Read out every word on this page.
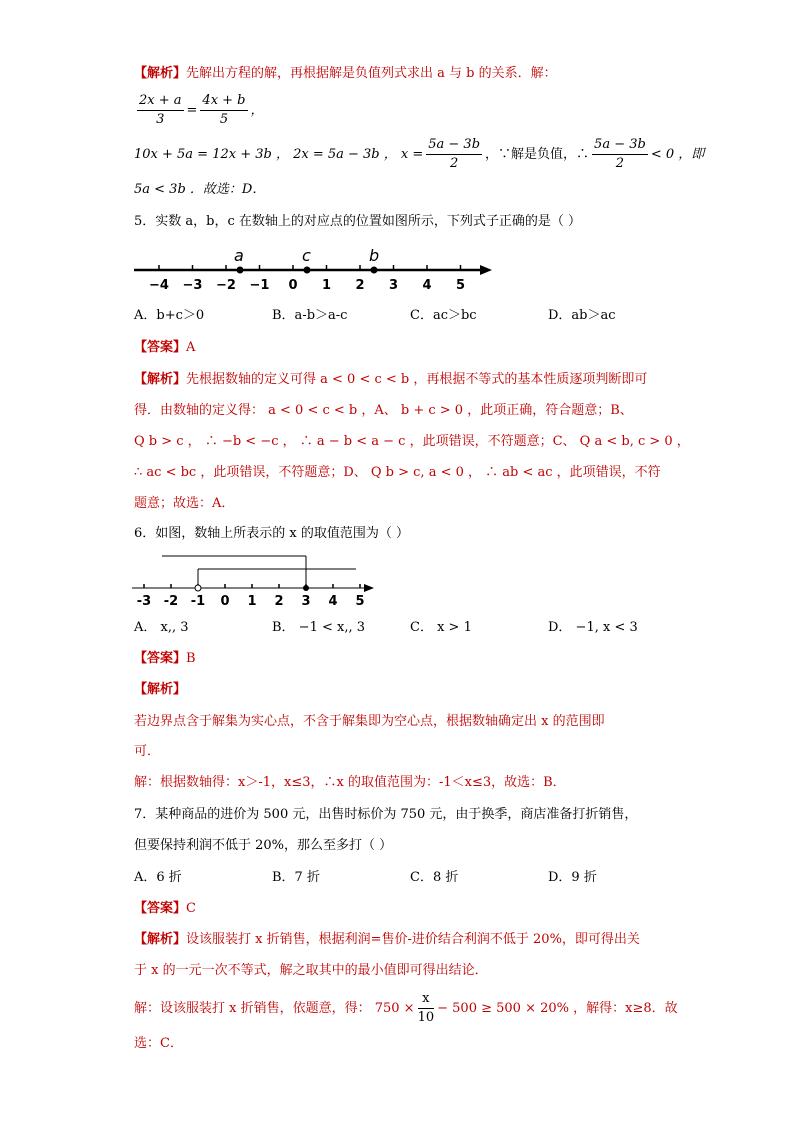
【解析】先解出方程的解，再根据解是负值列式求出 a 与 b 的关系．解：
$\frac{2x + a}{3} = \frac{4x + b}{5}$ ，
10x + 5a = 12x + 3b ， 2x = 5a − 3b ， $x = \frac{5a - 3b}{2}$ ，∵解是负值，∴ $\frac{5a - 3b}{2} < 0$ ，即
5a < 3b ．故选：D．
5．实数 a，b，c 在数轴上的对应点的位置如图所示，下列式子正确的是（ ）
−4 −3 −2 −1 0 1 2 3 4 5
a	c	b
A．b+c＞0	B．a-b＞a-c	C．ac＞bc	D．ab＞ac
【答案】A
【解析】先根据数轴的定义可得 a < 0 < c < b ，再根据不等式的基本性质逐项判断即可
得．由数轴的定义得： a < 0 < c < b ，A、 b + c > 0 ，此项正确，符合题意；B、
Q b > c ， ∴ −b < −c ， ∴ a − b < a − c ，此项错误，不符题意；C、 Q a < b, c > 0 ，
∴ ac < bc ，此项错误，不符题意；D、 Q b > c, a < 0 ， ∴ ab < ac ，此项错误，不符
题意；故选：A．
6．如图，数轴上所表示的 x 的取值范围为（ ）
-3 -2 -1 0 1 2 3 4 5
A． x,, 3	B． −1 < x,, 3	C． x > 1	D． −1, x < 3
【答案】B
【解析】
若边界点含于解集为实心点，不含于解集即为空心点，根据数轴确定出 x 的范围即
可．
解：根据数轴得：x＞-1，x≤3，∴x 的取值范围为：-1＜x≤3，故选：B．
7．某种商品的进价为 500 元，出售时标价为 750 元，由于换季，商店准备打折销售，
但要保持利润不低于 20%，那么至多打（ ）
A．6 折	B．7 折	C．8 折	D．9 折
【答案】C
【解析】设该服装打 x 折销售，根据利润=售价-进价结合利润不低于 20%，即可得出关
于 x 的一元一次不等式，解之取其中的最小值即可得出结论．
解：设该服装打 x 折销售，依题意，得： $750 \times \frac{x}{10} - 500 \ge 500 \times 20\%$ ，解得：x≥8．故
选：C．
